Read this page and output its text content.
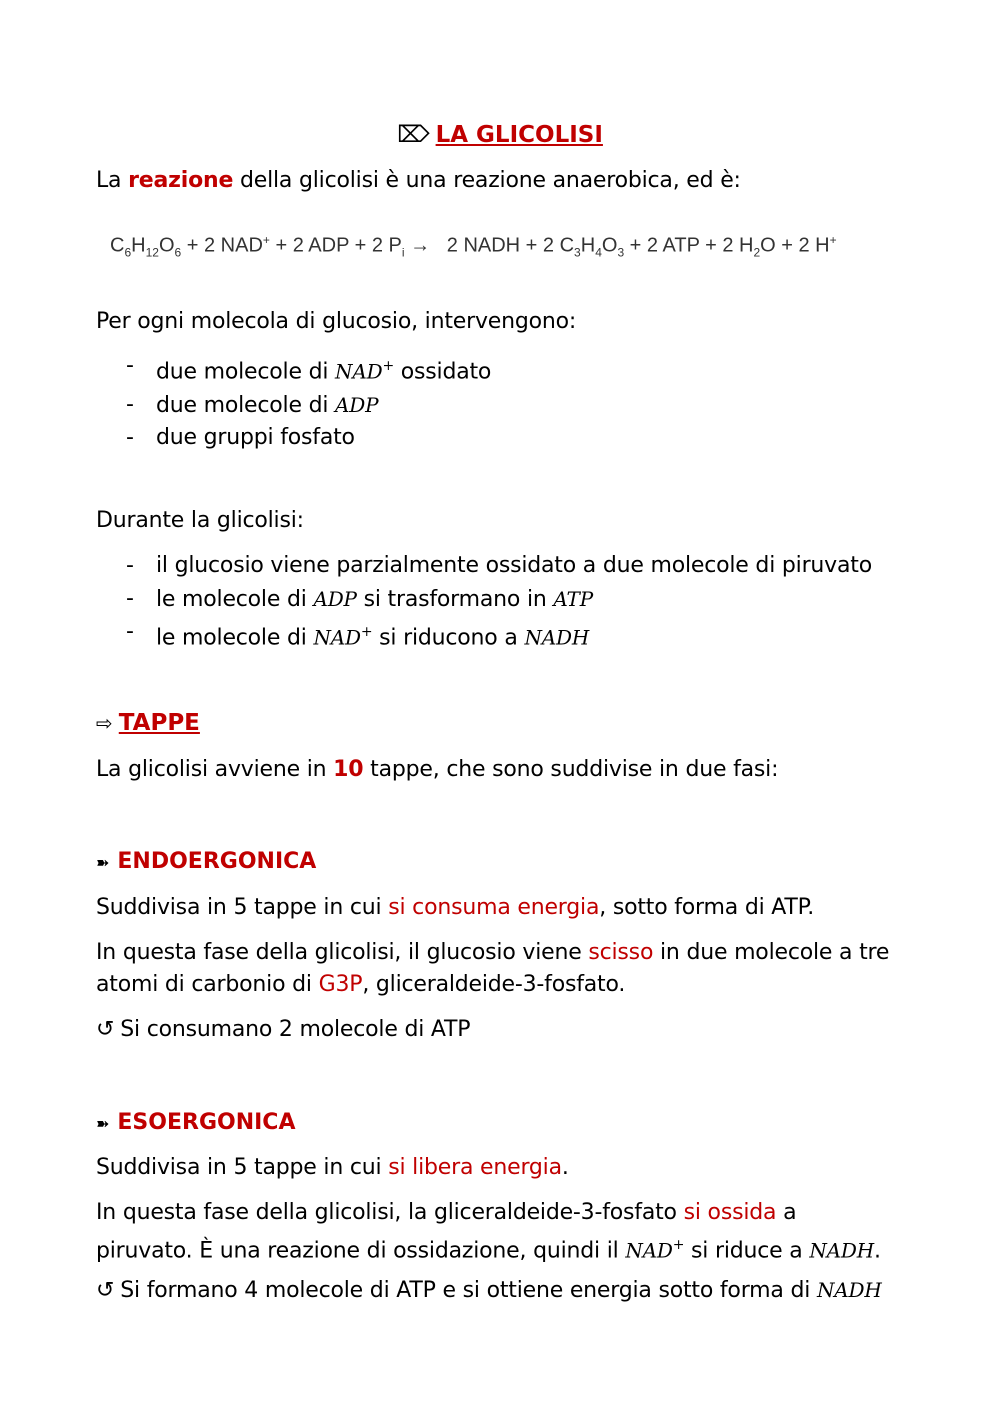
⌦ LA GLICOLISI
La reazione della glicolisi è una reazione anaerobica, ed è:
$C_6H_{12}O_6 + 2$ NAD+ + 2 ADP + 2 $P_i \to 2$ NADH + 2 $C_3H_4O_3 + 2$ ATP + 2 $H_2O + 2$ H+
Per ogni molecola di glucosio, intervengono:
- due molecole di NAD+ ossidato
- due molecole di ADP
- due gruppi fosfato
Durante la glicolisi:
- il glucosio viene parzialmente ossidato a due molecole di piruvato
- le molecole di ADP si trasformano in ATP
- le molecole di NAD+ si riducono a NADH
⇨ TAPPE
La glicolisi avviene in 10 tappe, che sono suddivise in due fasi:
➽ ENDOERGONICA
Suddivisa in 5 tappe in cui si consuma energia, sotto forma di ATP.
In questa fase della glicolisi, il glucosio viene scisso in due molecole a tre
atomi di carbonio di G3P, gliceraldeide-3-fosfato.
↺ Si consumano 2 molecole di ATP
➽ ESOERGONICA
Suddivisa in 5 tappe in cui si libera energia.
In questa fase della glicolisi, la gliceraldeide-3-fosfato si ossida a
piruvato. È una reazione di ossidazione, quindi il NAD+ si riduce a NADH.
↺ Si formano 4 molecole di ATP e si ottiene energia sotto forma di NADH
